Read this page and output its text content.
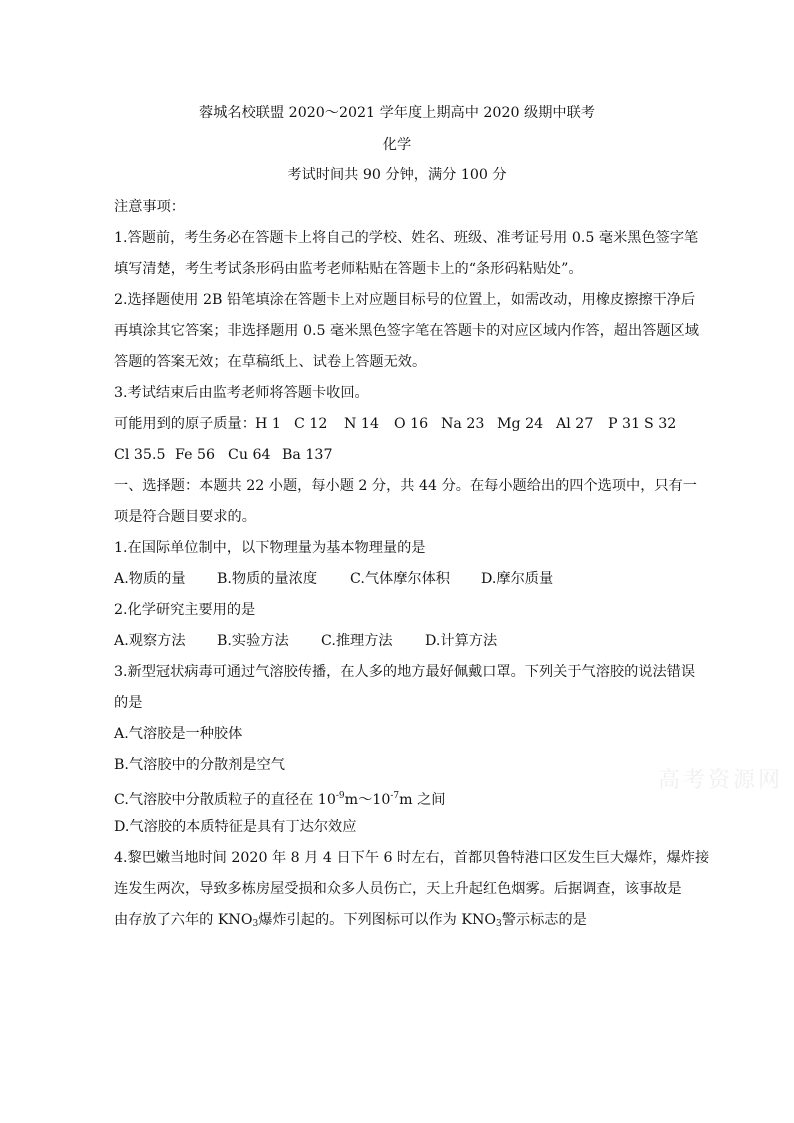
蓉城名校联盟 2020～2021 学年度上期高中 2020 级期中联考
化学
考试时间共 90 分钟，满分 100 分
注意事项：
1.答题前，考生务必在答题卡上将自己的学校、姓名、班级、准考证号用 0.5 毫米黑色签字笔
填写清楚，考生考试条形码由监考老师粘贴在答题卡上的“条形码粘贴处”。
2.选择题使用 2B 铅笔填涂在答题卡上对应题目标号的位置上，如需改动，用橡皮擦擦干净后
再填涂其它答案；非选择题用 0.5 毫米黑色签字笔在答题卡的对应区域内作答，超出答题区域
答题的答案无效；在草稿纸上、试卷上答题无效。
3.考试结束后由监考老师将答题卡收回。
可能用到的原子质量： H 1 C 12 N 14 O 16 Na 23 Mg 24 Al 27 P 31 S 32
Cl 35.5 Fe 56 Cu 64 Ba 137
一、选择题：本题共 22 小题，每小题 2 分，共 44 分。在每小题给出的四个选项中，只有一
项是符合题目要求的。
1.在国际单位制中，以下物理量为基本物理量的是
A.物质的量 B.物质的量浓度 C.气体摩尔体积 D.摩尔质量
2.化学研究主要用的是
A.观察方法 B.实验方法 C.推理方法 D.计算方法
3.新型冠状病毒可通过气溶胶传播，在人多的地方最好佩戴口罩。下列关于气溶胶的说法错误
的是
A.气溶胶是一种胶体
B.气溶胶中的分散剂是空气
C.气溶胶中分散质粒子的直径在 $10^{-9}m\sim 10^{-7}m$ 之间
D.气溶胶的本质特征是具有丁达尔效应
4.黎巴嫩当地时间 2020 年 8 月 4 日下午 6 时左右，首都贝鲁特港口区发生巨大爆炸，爆炸接
连发生两次，导致多栋房屋受损和众多人员伤亡，天上升起红色烟雾。后据调查，该事故是
由存放了六年的 $KNO_3$爆炸引起的。下列图标可以作为 $KNO_3$警示标志的是
高考资源网
